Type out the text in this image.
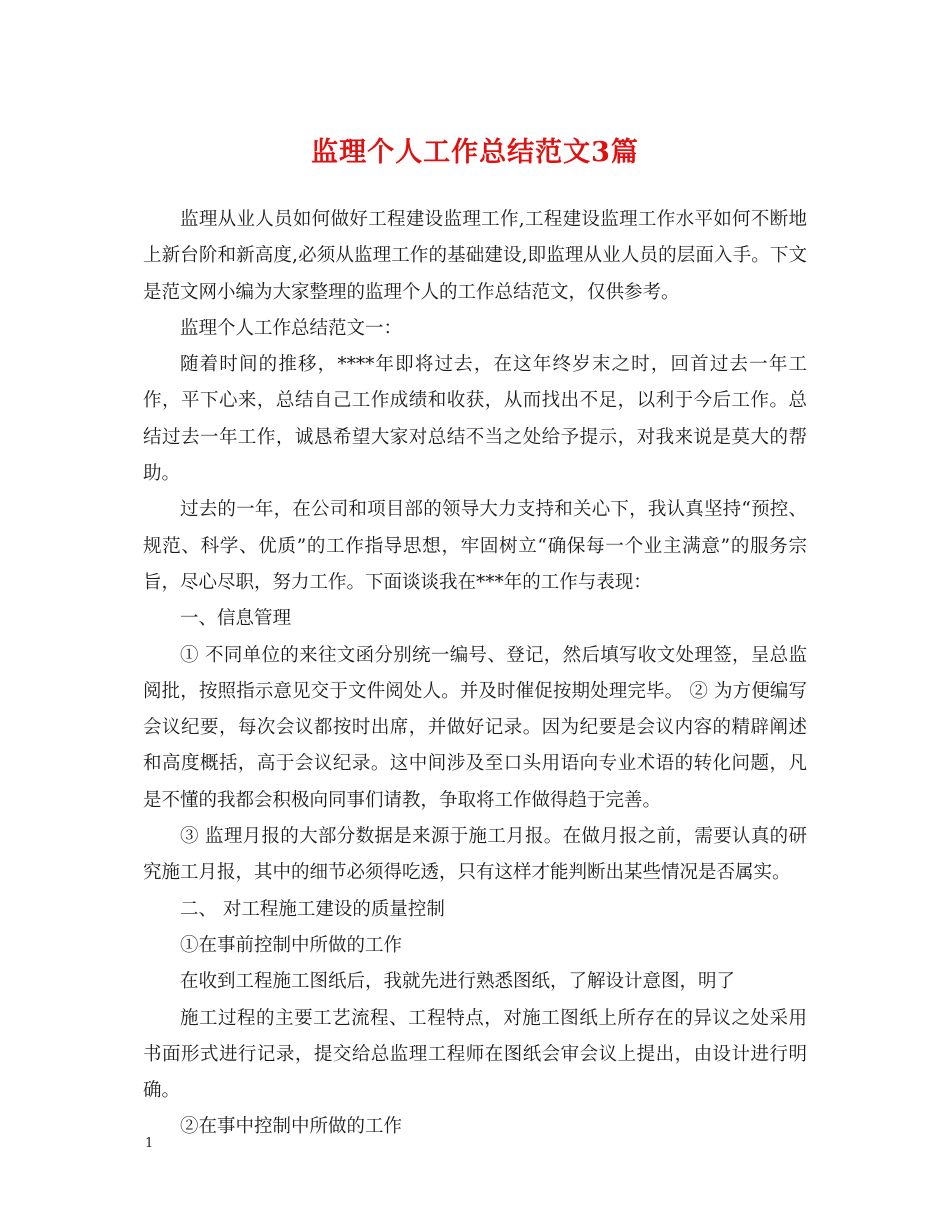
监理个人工作总结范文3篇

监理从业人员如何做好工程建设监理工作,工程建设监理工作水平如何不断地上新台阶和新高度,必须从监理工作的基础建设,即监理从业人员的层面入手。下文是范文网小编为大家整理的监理个人的工作总结范文，仅供参考。

监理个人工作总结范文一：

随着时间的推移，****年即将过去，在这年终岁末之时，回首过去一年工作，平下心来，总结自己工作成绩和收获，从而找出不足，以利于今后工作。总结过去一年工作，诚恳希望大家对总结不当之处给予提示，对我来说是莫大的帮助。

过去的一年，在公司和项目部的领导大力支持和关心下，我认真坚持“预控、规范、科学、优质”的工作指导思想，牢固树立“确保每一个业主满意”的服务宗旨，尽心尽职，努力工作。下面谈谈我在***年的工作与表现：

一、信息管理

① 不同单位的来往文函分别统一编号、登记，然后填写收文处理签，呈总监阅批，按照指示意见交于文件阅处人。并及时催促按期处理完毕。 ② 为方便编写会议纪要，每次会议都按时出席，并做好记录。因为纪要是会议内容的精辟阐述和高度概括，高于会议纪录。这中间涉及至口头用语向专业术语的转化问题，凡是不懂的我都会积极向同事们请教，争取将工作做得趋于完善。

③ 监理月报的大部分数据是来源于施工月报。在做月报之前，需要认真的研究施工月报，其中的细节必须得吃透，只有这样才能判断出某些情况是否属实。

二、 对工程施工建设的质量控制

①在事前控制中所做的工作

在收到工程施工图纸后，我就先进行熟悉图纸，了解设计意图，明了

施工过程的主要工艺流程、工程特点，对施工图纸上所存在的异议之处采用书面形式进行记录，提交给总监理工程师在图纸会审会议上提出，由设计进行明确。

②在事中控制中所做的工作

1
